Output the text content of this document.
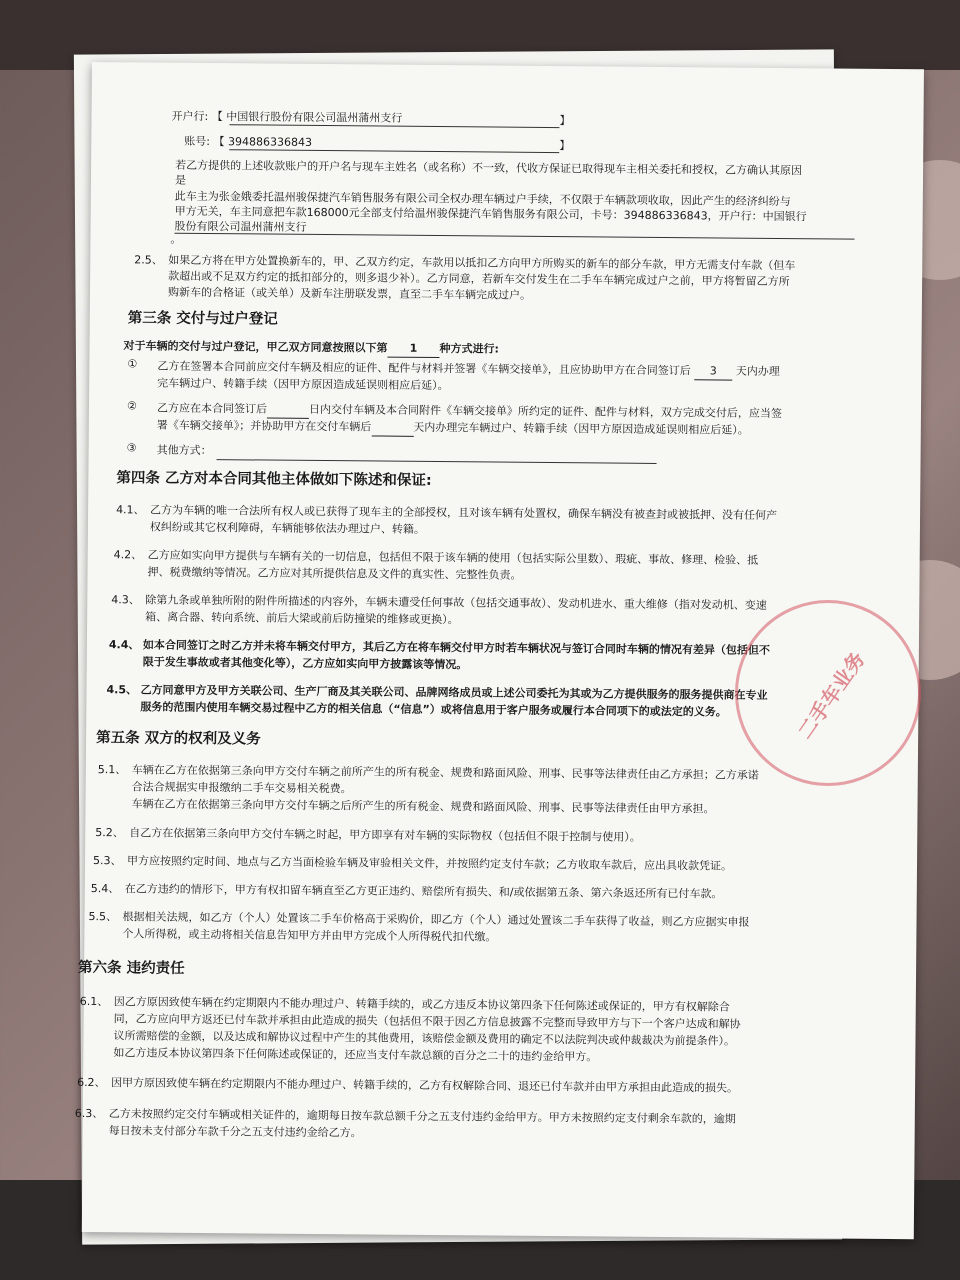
开户行: 【 中国银行股份有限公司温州蒲州支行	】
账号: 【 394886336843	】
若乙方提供的上述收款账户的开户名与现车主姓名（或名称）不一致，代收方保证已取得现车主相关委托和授权，乙方确认其原因
是
此车主为张金娥委托温州骏保捷汽车销售服务有限公司全权办理车辆过户手续，不仅限于车辆款项收取，因此产生的经济纠纷与
甲方无关，车主同意把车款168000元全部支付给温州骏保捷汽车销售服务有限公司，卡号：394886336843，开户行：中国银行
股份有限公司温州蒲州支行
。
2.5、 如果乙方将在甲方处置换新车的，甲、乙双方约定，车款用以抵扣乙方向甲方所购买的新车的部分车款，甲方无需支付车款（但车
款超出或不足双方约定的抵扣部分的，则多退少补）。乙方同意，若新车交付发生在二手车车辆完成过户之前，甲方将暂留乙方所
购新车的合格证（或关单）及新车注册联发票，直至二手车车辆完成过户。
第三条 交付与过户登记
对于车辆的交付与过户登记，甲乙双方同意按照以下第 1 种方式进行:
① 乙方在签署本合同前应交付车辆及相应的证件、配件与材料并签署《车辆交接单》，且应协助甲方在合同签订后 3 天内办理
完车辆过户、转籍手续（因甲方原因造成延误则相应后延）。
② 乙方应在本合同签订后	日内交付车辆及本合同附件《车辆交接单》所约定的证件、配件与材料，双方完成交付后，应当签
署《车辆交接单》；并协助甲方在交付车辆后	天内办理完车辆过户、转籍手续（因甲方原因造成延误则相应后延）。
③ 其他方式：
第四条 乙方对本合同其他主体做如下陈述和保证:
4.1、 乙方为车辆的唯一合法所有权人或已获得了现车主的全部授权，且对该车辆有处置权，确保车辆没有被查封或被抵押、没有任何产
权纠纷或其它权利障碍，车辆能够依法办理过户、转籍。
4.2、 乙方应如实向甲方提供与车辆有关的一切信息，包括但不限于该车辆的使用（包括实际公里数）、瑕疵、事故、修理、检验、抵
押、税费缴纳等情况。乙方应对其所提供信息及文件的真实性、完整性负责。
4.3、 除第九条或单独所附的附件所描述的内容外，车辆未遭受任何事故（包括交通事故）、发动机进水、重大维修（指对发动机、变速
箱、离合器、转向系统、前后大梁或前后防撞梁的维修或更换）。
4.4、 如本合同签订之时乙方并未将车辆交付甲方，其后乙方在将车辆交付甲方时若车辆状况与签订合同时车辆的情况有差异（包括但不
限于发生事故或者其他变化等），乙方应如实向甲方披露该等情况。
4.5、 乙方同意甲方及甲方关联公司、生产厂商及其关联公司、品牌网络成员或上述公司委托为其或为乙方提供服务的服务提供商在专业
服务的范围内使用车辆交易过程中乙方的相关信息（“信息”）或将信息用于客户服务或履行本合同项下的或法定的义务。
第五条 双方的权利及义务
5.1、 车辆在乙方在依据第三条向甲方交付车辆之前所产生的所有税金、规费和路面风险、刑事、民事等法律责任由乙方承担；乙方承诺
合法合规据实申报缴纳二手车交易相关税费。
车辆在乙方在依据第三条向甲方交付车辆之后所产生的所有税金、规费和路面风险、刑事、民事等法律责任由甲方承担。
5.2、 自乙方在依据第三条向甲方交付车辆之时起，甲方即享有对车辆的实际物权（包括但不限于控制与使用）。
5.3、 甲方应按照约定时间、地点与乙方当面检验车辆及审验相关文件，并按照约定支付车款；乙方收取车款后，应出具收款凭证。
5.4、 在乙方违约的情形下，甲方有权扣留车辆直至乙方更正违约、赔偿所有损失、和/或依据第五条、第六条返还所有已付车款。
5.5、 根据相关法规，如乙方（个人）处置该二手车价格高于采购价，即乙方（个人）通过处置该二手车获得了收益，则乙方应据实申报
个人所得税，或主动将相关信息告知甲方并由甲方完成个人所得税代扣代缴。
第六条 违约责任
6.1、 因乙方原因致使车辆在约定期限内不能办理过户、转籍手续的，或乙方违反本协议第四条下任何陈述或保证的，甲方有权解除合
同，乙方应向甲方返还已付车款并承担由此造成的损失（包括但不限于因乙方信息披露不完整而导致甲方与下一个客户达成和解协
议所需赔偿的金额，以及达成和解协议过程中产生的其他费用，该赔偿金额及费用的确定不以法院判决或仲裁裁决为前提条件）。
如乙方违反本协议第四条下任何陈述或保证的，还应当支付车款总额的百分之二十的违约金给甲方。
6.2、 因甲方原因致使车辆在约定期限内不能办理过户、转籍手续的，乙方有权解除合同、退还已付车款并由甲方承担由此造成的损失。
6.3、 乙方未按照约定交付车辆或相关证件的，逾期每日按车款总额千分之五支付违约金给甲方。甲方未按照约定支付剩余车款的，逾期
每日按未支付部分车款千分之五支付违约金给乙方。
二手车业务
